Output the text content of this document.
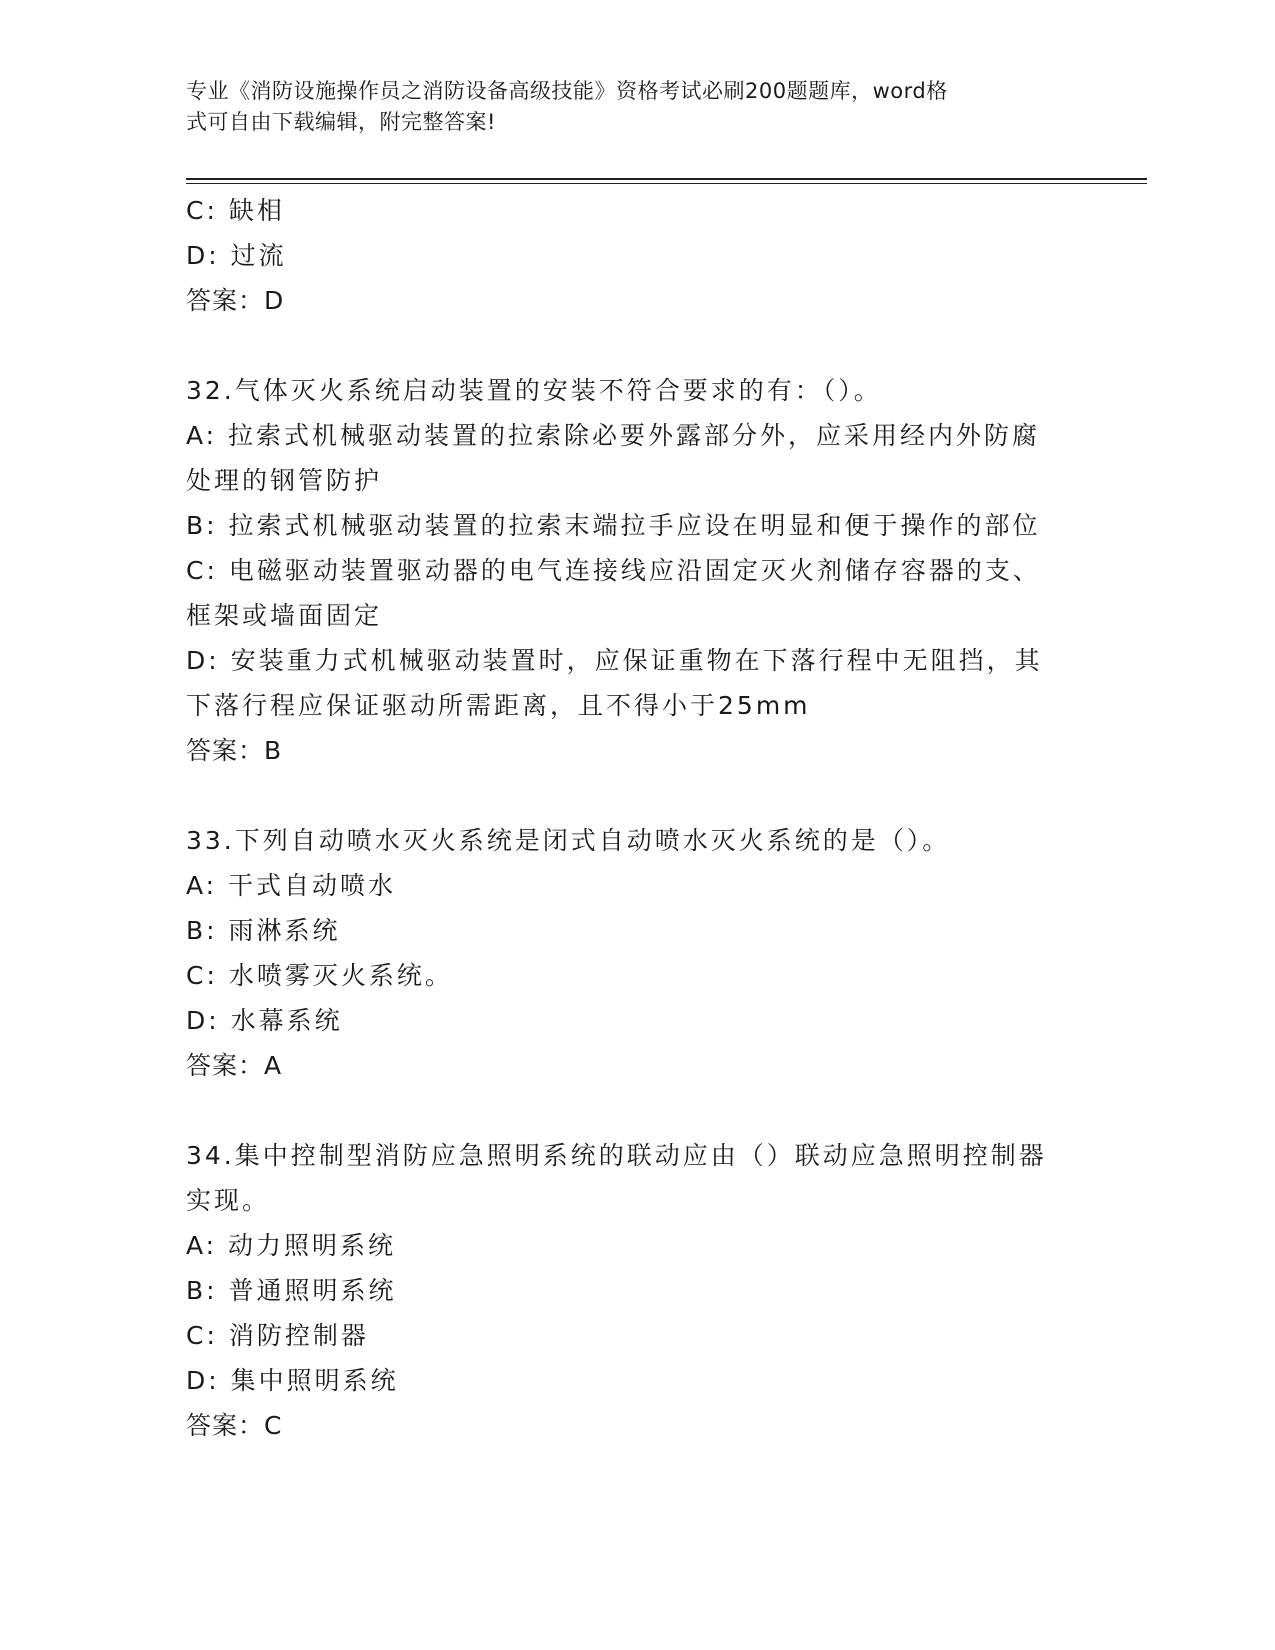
专业《消防设施操作员之消防设备高级技能》资格考试必刷200题题库，word格
式可自由下载编辑，附完整答案!
C: 缺相
D: 过流
答案：D
32.气体灭火系统启动装置的安装不符合要求的有：（）。
A: 拉索式机械驱动装置的拉索除必要外露部分外，应采用经内外防腐
处理的钢管防护
B: 拉索式机械驱动装置的拉索末端拉手应设在明显和便于操作的部位
C: 电磁驱动装置驱动器的电气连接线应沿固定灭火剂储存容器的支、
框架或墙面固定
D: 安装重力式机械驱动装置时，应保证重物在下落行程中无阻挡，其
下落行程应保证驱动所需距离，且不得小于25mm
答案：B
33.下列自动喷水灭火系统是闭式自动喷水灭火系统的是（）。
A: 干式自动喷水
B: 雨淋系统
C: 水喷雾灭火系统。
D: 水幕系统
答案：A
34.集中控制型消防应急照明系统的联动应由（）联动应急照明控制器
实现。
A: 动力照明系统
B: 普通照明系统
C: 消防控制器
D: 集中照明系统
答案：C
